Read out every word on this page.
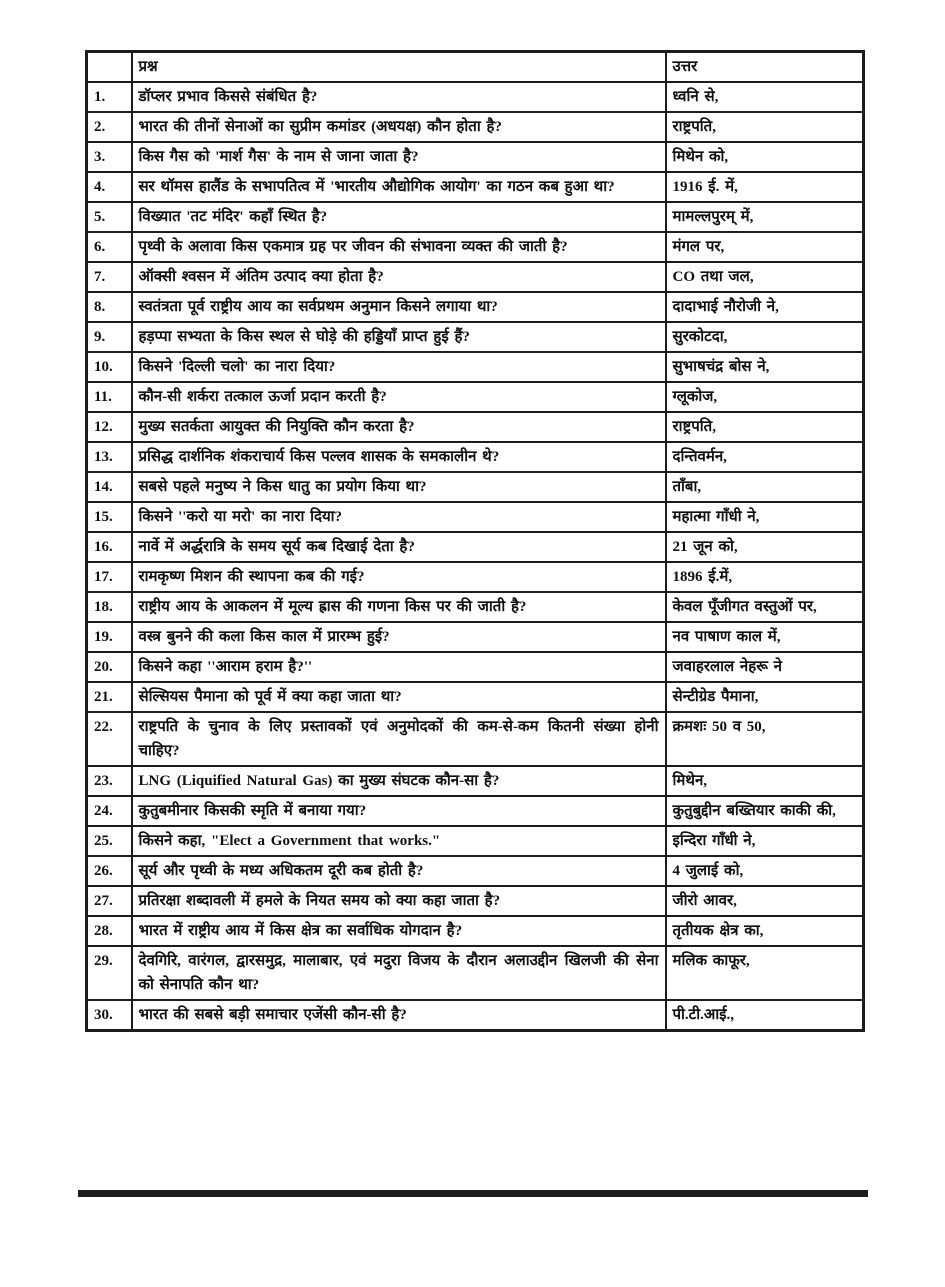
	प्रश्न	उत्तर
1.	डॉप्लर प्रभाव किससे संबंधित है?	ध्वनि से,
2.	भारत की तीनों सेनाओं का सुप्रीम कमांडर (अधयक्ष) कौन होता है?	राष्ट्रपति,
3.	किस गैस को 'मार्श गैस' के नाम से जाना जाता है?	मिथेन को,
4.	सर थॉमस हालैंड के सभापतित्व में 'भारतीय औद्योगिक आयोग' का गठन कब हुआ था?	1916 ई. में,
5.	विख्यात 'तट मंदिर' कहाँ स्थित है?	मामल्लपुरम् में,
6.	पृथ्वी के अलावा किस एकमात्र ग्रह पर जीवन की संभावना व्यक्त की जाती है?	मंगल पर,
7.	ऑक्सी श्वसन में अंतिम उत्पाद क्या होता है?	CO तथा जल,
8.	स्वतंत्रता पूर्व राष्ट्रीय आय का सर्वप्रथम अनुमान किसने लगाया था?	दादाभाई नौरोजी ने,
9.	हड़प्पा सभ्यता के किस स्थल से घोड़े की हड्डियाँ प्राप्त हुई हैं?	सुरकोटदा,
10.	किसने 'दिल्ली चलो' का नारा दिया?	सुभाषचंद्र बोस ने,
11.	कौन-सी शर्करा तत्काल ऊर्जा प्रदान करती है?	ग्लूकोज,
12.	मुख्य सतर्कता आयुक्त की नियुक्ति कौन करता है?	राष्ट्रपति,
13.	प्रसिद्ध दार्शनिक शंकराचार्य किस पल्लव शासक के समकालीन थे?	दन्तिवर्मन,
14.	सबसे पहले मनुष्य ने किस धातु का प्रयोग किया था?	ताँबा,
15.	किसने ''करो या मरो' का नारा दिया?	महात्मा गाँधी ने,
16.	नार्वे में अर्द्धरात्रि के समय सूर्य कब दिखाई देता है?	21 जून को,
17.	रामकृष्ण मिशन की स्थापना कब की गई?	1896 ई.में,
18.	राष्ट्रीय आय के आकलन में मूल्य ह्रास की गणना किस पर की जाती है?	केवल पूँजीगत वस्तुओं पर,
19.	वस्त्र बुनने की कला किस काल में प्रारम्भ हुई?	नव पाषाण काल में,
20.	किसने कहा ''आराम हराम है?''	जवाहरलाल नेहरू ने
21.	सेल्सियस पैमाना को पूर्व में क्या कहा जाता था?	सेन्टीग्रेड पैमाना,
22.	राष्ट्रपति के चुनाव के लिए प्रस्तावकों एवं अनुमोदकों की कम-से-कम कितनी संख्या होनी चाहिए?	क्रमशः 50 व 50,
23.	LNG (Liquified Natural Gas) का मुख्य संघटक कौन-सा है?	मिथेन,
24.	कुतुबमीनार किसकी स्मृति में बनाया गया?	कुतुबुद्दीन बख्तियार काकी की,
25.	किसने कहा, "Elect a Government that works."	इन्दिरा गाँधी ने,
26.	सूर्य और पृथ्वी के मध्य अधिकतम दूरी कब होती है?	4 जुलाई को,
27.	प्रतिरक्षा शब्दावली में हमले के नियत समय को क्या कहा जाता है?	जीरो आवर,
28.	भारत में राष्ट्रीय आय में किस क्षेत्र का सर्वाधिक योगदान है?	तृतीयक क्षेत्र का,
29.	देवगिरि, वारंगल, द्वारसमुद्र, मालाबार, एवं मदुरा विजय के दौरान अलाउद्दीन खिलजी की सेना को सेनापति कौन था?	मलिक काफूर,
30.	भारत की सबसे बड़ी समाचार एजेंसी कौन-सी है?	पी.टी.आई.,
